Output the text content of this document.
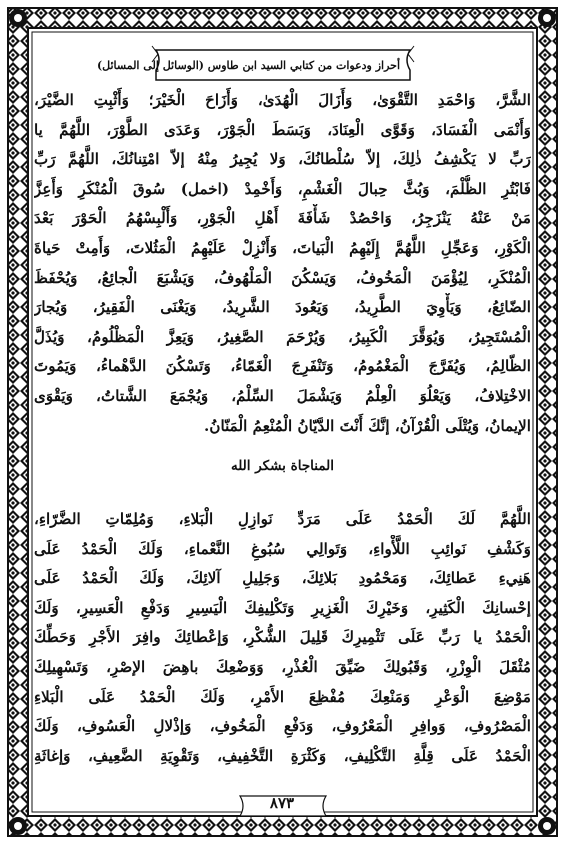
أحراز ودعوات من كتابي السيد ابن طاوس (الوسائل إلى المسائل)
الشَّرَّ، وَاحْمَدِ التَّقْوَىٰ، وَأَزَالَ الْهُدَىٰ، وَأَزَاحَ الْخَيْرَ؛ وَأَثْبِتِ الضَّيْرَ،
وَأَنْمَى الْفَسَادَ، وَقَوَّى الْعِنَادَ، وَبَسَطَ الْجَوْرَ، وَعَدَى الطَّوْرَ، اللَّهُمَّ يا
رَبِّ لا يَكْشِفُ ذٰلِكَ، إلاّ سُلْطانُكَ، وَلا يُجِيرُ مِنْهُ إلاّ امْتِنانُكَ، اللَّهُمَّ رَبِّ
فَابْتُرِ الظُّلْمَ، وَبُثَّ حِبالَ الْغَشْمِ، وَأَخْمِدْ (اخمل) سُوقَ الْمُنْكَرِ وَأَعِزَّ
مَنْ عَنْهُ يَنْزَجِرُ، وَاحْصُدْ شَأْفَةَ أَهْلِ الْجَوْرِ، وَأَلْبِسْهُمُ الْحَوْرَ بَعْدَ
الْكَوْرِ، وَعَجِّلِ اللَّهُمَّ إِلَيْهِمُ الْبَياتَ، وَأَنْزِلْ عَلَيْهِمُ الْمَثُلاتَ، وَأَمِتْ حَياةَ
الْمُنْكَرِ، لِيُؤْمَنَ الْمَخُوفُ، وَيَسْكُنَ الْمَلْهُوفُ، وَيَشْبَعَ الْجائِعُ، وَيُحْفَظَ
الضّائِعُ، وَيَأْوِيَ الطَّرِيدُ، وَيَعُودَ الشَّرِيدُ، وَيَغْنَى الْفَقِيرُ، وَيُجارَ
الْمُسْتَجِيرُ، وَيُوَقَّرَ الْكَبِيرُ، وَيُرْحَمَ الصَّغِيرُ، وَيَعِزَّ الْمَظْلُومُ، وَيُذَلَّ
الظّالِمُ، وَيُفَرَّجَ الْمَغْمُومُ، وَتَنْفَرِجَ الْغَمّاءُ، وَتَسْكُنَ الدَّهْماءُ، وَيَمُوتَ
الاخْتِلافُ، وَيَعْلُوَ الْعِلْمُ وَيَشْمَلَ السِّلْمُ، وَيُجْمَعَ الشَّتاتُ، وَيَقْوَى
الإيمانُ، وَيُتْلَى الْقُرْآنُ، إنَّكَ أَنْتَ الدَّيّانُ الْمُنْعِمُ الْمَنّانُ.
المناجاة بشكر الله
اللَّهُمَّ لَكَ الْحَمْدُ عَلَى مَرَدِّ نَوازِلِ الْبَلاءِ، وَمُلِمّاتِ الضَّرّاءِ،
وَكَشْفِ نَوائِبِ اللَّأْواءِ، وَتَوالِي سُبُوغِ النَّعْماءِ، وَلَكَ الْحَمْدُ عَلَى
هَنِيءِ عَطائِكَ، وَمَحْمُودِ بَلائِكَ، وَجَلِيلِ آلائِكَ، وَلَكَ الْحَمْدُ عَلَى
إحْسانِكَ الْكَثِيرِ، وَخَيْرِكَ الْغَزِيرِ وَتَكْلِيفِكَ الْيَسِيرِ وَدَفْعِ الْعَسِيرِ، وَلَكَ
الْحَمْدُ يا رَبِّ عَلَى تَثْمِيرِكَ قَلِيلَ الشُّكْرِ، وَإعْطائِكَ وافِرَ الأَجْرِ وَحَطِّكَ
مُثْقَلَ الْوِزْرِ، وَقَبُولِكَ ضَيِّقَ الْعُذْرِ، وَوَضْعِكَ باهِضَ الإصْرِ، وَتَسْهِيلِكَ
مَوْضِعَ الْوَعْرِ وَمَنْعِكَ مُفْظِعَ الأَمْرِ، وَلَكَ الْحَمْدُ عَلَى الْبَلاءِ
الْمَصْرُوفِ، وَوافِرِ الْمَعْرُوفِ، وَدَفْعِ الْمَخُوفِ، وَإذْلالِ الْعَسُوفِ، وَلَكَ
الْحَمْدُ عَلَى قِلَّةِ التَّكْلِيفِ، وَكَثْرَةِ التَّخْفِيفِ، وَتَقْوِيَةِ الضَّعِيفِ، وَإغاثَةِ
٨٧٣
